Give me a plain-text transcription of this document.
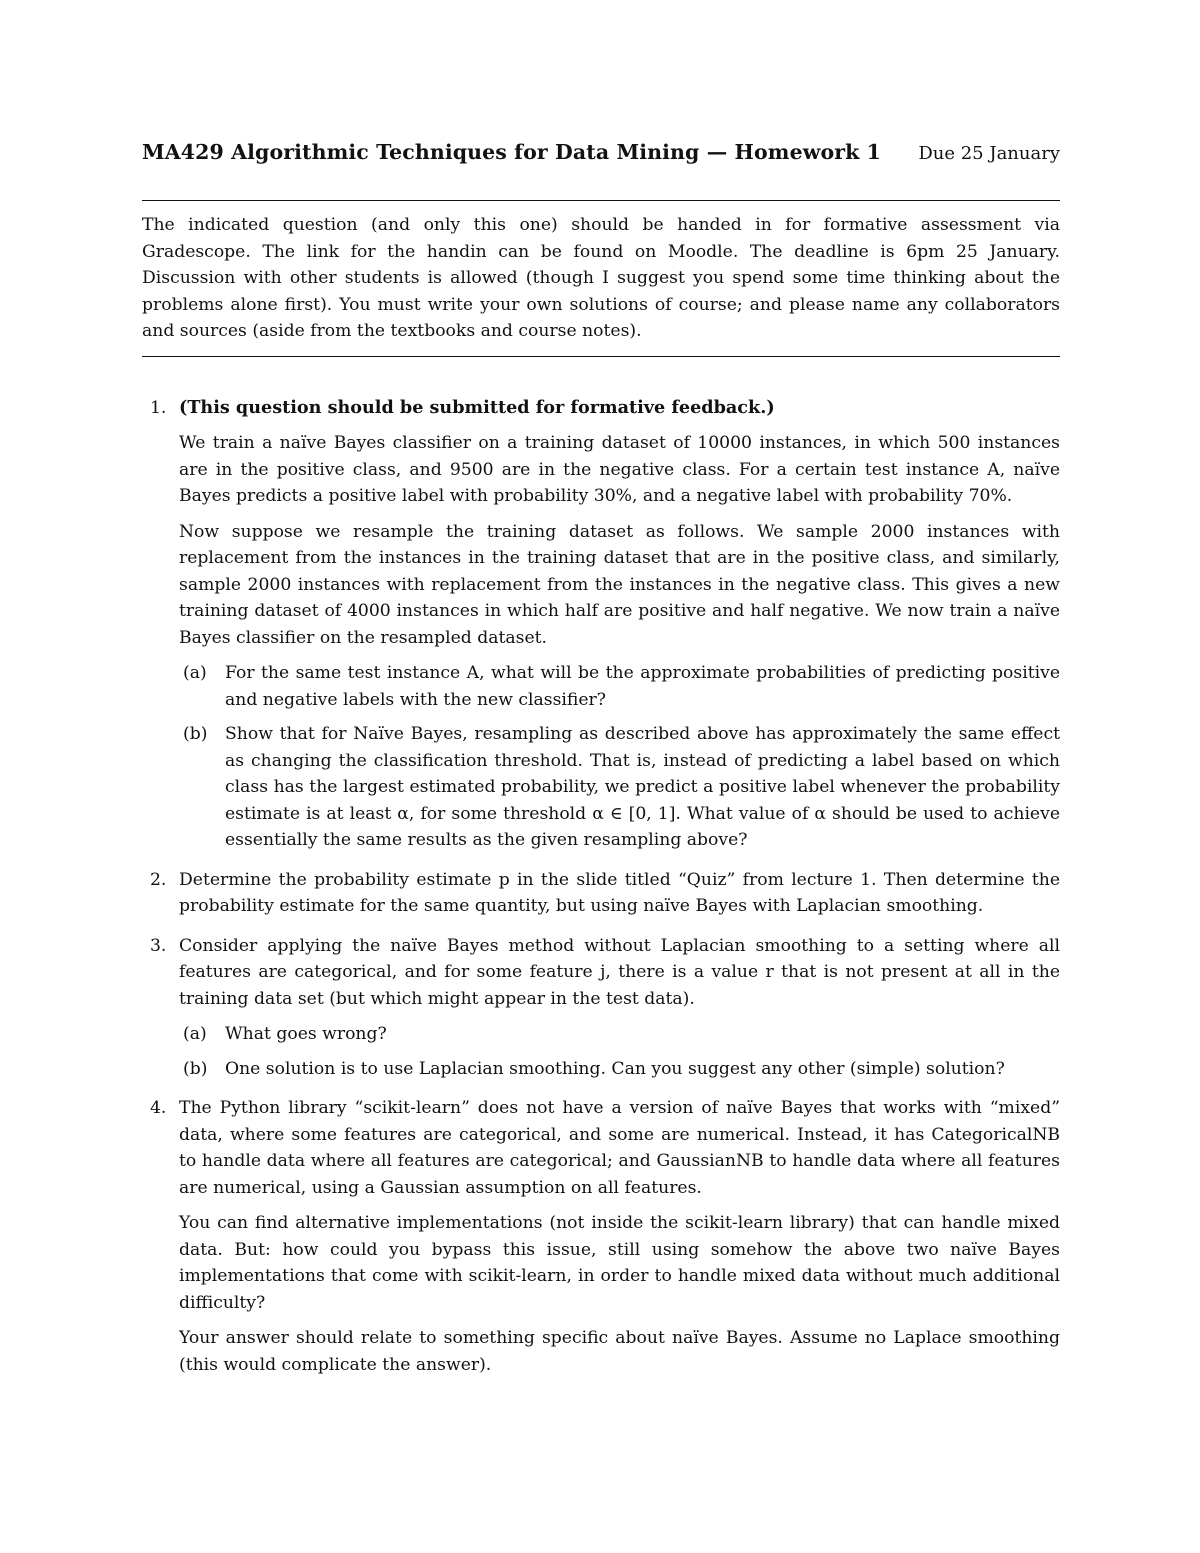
MA429 Algorithmic Techniques for Data Mining — Homework 1 Due 25 January
The indicated question (and only this one) should be handed in for formative assessment via Gradescope. The link for the handin can be found on Moodle. The deadline is 6pm 25 January. Discussion with other students is allowed (though I suggest you spend some time thinking about the problems alone first). You must write your own solutions of course; and please name any collaborators and sources (aside from the textbooks and course notes).
1. (This question should be submitted for formative feedback.)

We train a naïve Bayes classifier on a training dataset of 10000 instances, in which 500 instances are in the positive class, and 9500 are in the negative class. For a certain test instance A, naïve Bayes predicts a positive label with probability 30%, and a negative label with probability 70%.

Now suppose we resample the training dataset as follows. We sample 2000 instances with replacement from the instances in the training dataset that are in the positive class, and similarly, sample 2000 instances with replacement from the instances in the negative class. This gives a new training dataset of 4000 instances in which half are positive and half negative. We now train a naïve Bayes classifier on the resampled dataset.

(a) For the same test instance A, what will be the approximate probabilities of predicting positive and negative labels with the new classifier?
(b) Show that for Naïve Bayes, resampling as described above has approximately the same effect as changing the classification threshold. That is, instead of predicting a label based on which class has the largest estimated probability, we predict a positive label whenever the probability estimate is at least α, for some threshold α ∈ [0, 1]. What value of α should be used to achieve essentially the same results as the given resampling above?
2. Determine the probability estimate p in the slide titled “Quiz” from lecture 1. Then determine the probability estimate for the same quantity, but using naïve Bayes with Laplacian smoothing.

3. Consider applying the naïve Bayes method without Laplacian smoothing to a setting where all features are categorical, and for some feature j, there is a value r that is not present at all in the training data set (but which might appear in the test data).

(a) What goes wrong?
(b) One solution is to use Laplacian smoothing. Can you suggest any other (simple) solution?
4. The Python library “scikit-learn” does not have a version of naïve Bayes that works with “mixed” data, where some features are categorical, and some are numerical. Instead, it has CategoricalNB to handle data where all features are categorical; and GaussianNB to handle data where all features are numerical, using a Gaussian assumption on all features.

You can find alternative implementations (not inside the scikit-learn library) that can handle mixed data. But: how could you bypass this issue, still using somehow the above two naïve Bayes implementations that come with scikit-learn, in order to handle mixed data without much additional difficulty?

Your answer should relate to something specific about naïve Bayes. Assume no Laplace smoothing (this would complicate the answer).
